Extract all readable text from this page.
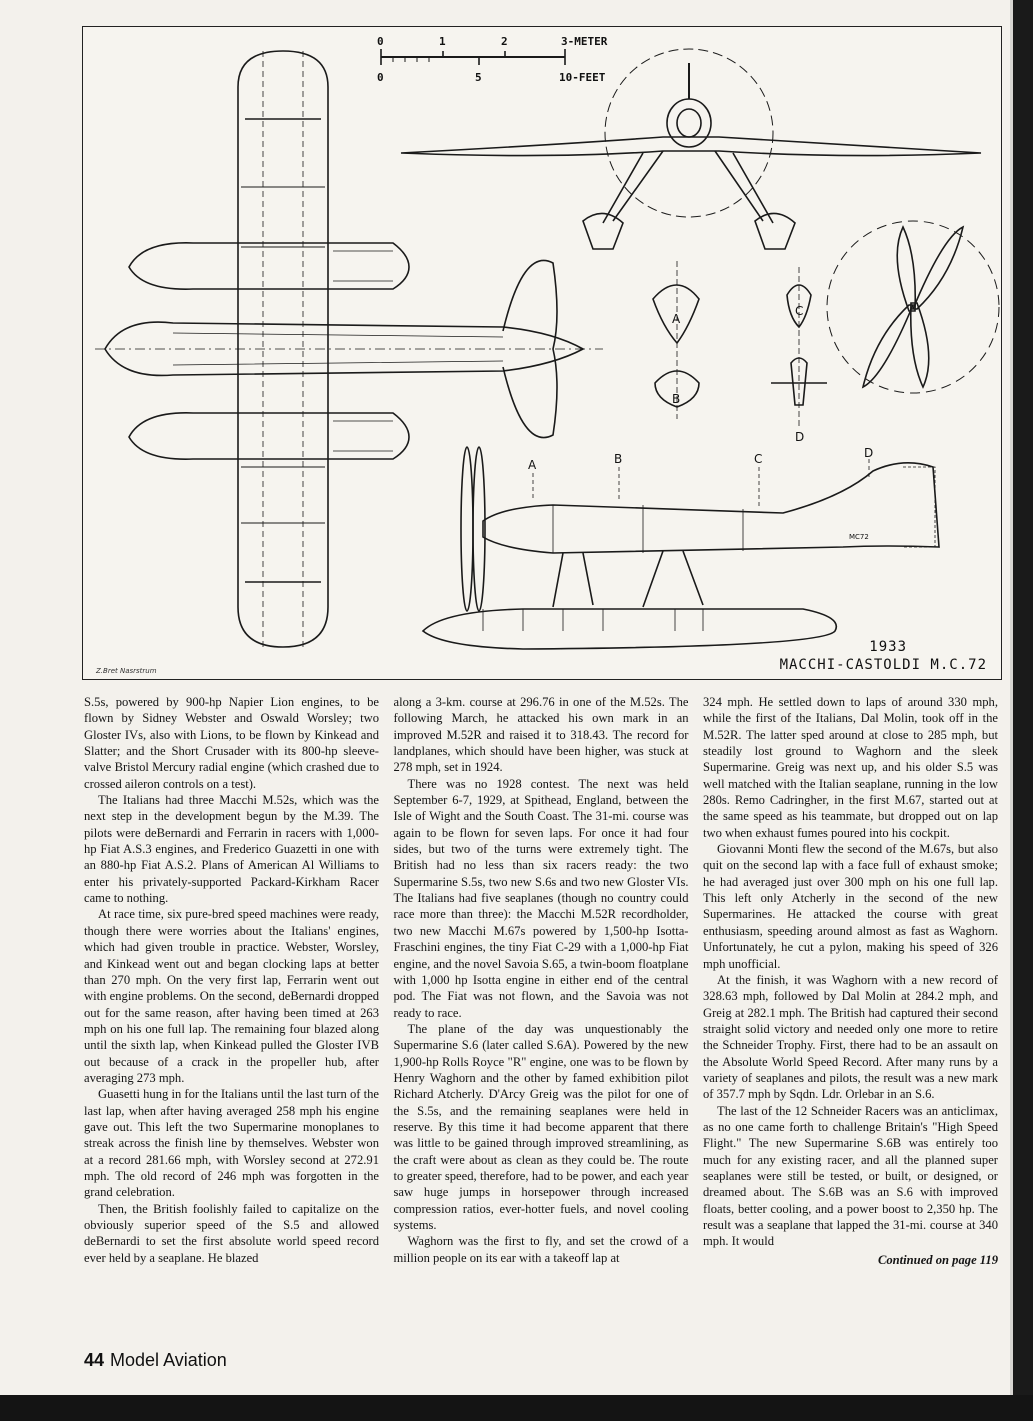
0	1	2	3-METER
0	5	10-FEET
A
B
C
D
A	B	C	D
MC72
1933
MACCHI-CASTOLDI M.C.72
Z.Bret Nasrstrum

S.5s, powered by 900-hp Napier Lion engines, to be flown by Sidney Webster and Oswald Worsley; two Gloster IVs, also with Lions, to be flown by Kinkead and Slatter; and the Short Crusader with its 800-hp sleeve-valve Bristol Mercury radial engine (which crashed due to crossed aileron controls on a test).

The Italians had three Macchi M.52s, which was the next step in the development begun by the M.39. The pilots were deBernardi and Ferrarin in racers with 1,000-hp Fiat A.S.3 engines, and Frederico Guazetti in one with an 880-hp Fiat A.S.2. Plans of American Al Williams to enter his privately-supported Packard-Kirkham Racer came to nothing.

At race time, six pure-bred speed machines were ready, though there were worries about the Italians' engines, which had given trouble in practice. Webster, Worsley, and Kinkead went out and began clocking laps at better than 270 mph. On the very first lap, Ferrarin went out with engine problems. On the second, deBernardi dropped out for the same reason, after having been timed at 263 mph on his one full lap. The remaining four blazed along until the sixth lap, when Kinkead pulled the Gloster IVB out because of a crack in the propeller hub, after averaging 273 mph.

Guasetti hung in for the Italians until the last turn of the last lap, when after having averaged 258 mph his engine gave out. This left the two Supermarine monoplanes to streak across the finish line by themselves. Webster won at a record 281.66 mph, with Worsley second at 272.91 mph. The old record of 246 mph was forgotten in the grand celebration.

Then, the British foolishly failed to capitalize on the obviously superior speed of the S.5 and allowed deBernardi to set the first absolute world speed record ever held by a seaplane. He blazed

along a 3-km. course at 296.76 in one of the M.52s. The following March, he attacked his own mark in an improved M.52R and raised it to 318.43. The record for landplanes, which should have been higher, was stuck at 278 mph, set in 1924.

There was no 1928 contest. The next was held September 6-7, 1929, at Spithead, England, between the Isle of Wight and the South Coast. The 31-mi. course was again to be flown for seven laps. For once it had four sides, but two of the turns were extremely tight. The British had no less than six racers ready: the two Supermarine S.5s, two new S.6s and two new Gloster VIs. The Italians had five seaplanes (though no country could race more than three): the Macchi M.52R recordholder, two new Macchi M.67s powered by 1,500-hp Isotta-Fraschini engines, the tiny Fiat C-29 with a 1,000-hp Fiat engine, and the novel Savoia S.65, a twin-boom floatplane with 1,000 hp Isotta engine in either end of the central pod. The Fiat was not flown, and the Savoia was not ready to race.

The plane of the day was unquestionably the Supermarine S.6 (later called S.6A). Powered by the new 1,900-hp Rolls Royce "R" engine, one was to be flown by Henry Waghorn and the other by famed exhibition pilot Richard Atcherly. D'Arcy Greig was the pilot for one of the S.5s, and the remaining seaplanes were held in reserve. By this time it had become apparent that there was little to be gained through improved streamlining, as the craft were about as clean as they could be. The route to greater speed, therefore, had to be power, and each year saw huge jumps in horsepower through increased compression ratios, ever-hotter fuels, and novel cooling systems.

Waghorn was the first to fly, and set the crowd of a million people on its ear with a takeoff lap at

324 mph. He settled down to laps of around 330 mph, while the first of the Italians, Dal Molin, took off in the M.52R. The latter sped around at close to 285 mph, but steadily lost ground to Waghorn and the sleek Supermarine. Greig was next up, and his older S.5 was well matched with the Italian seaplane, running in the low 280s. Remo Cadringher, in the first M.67, started out at the same speed as his teammate, but dropped out on lap two when exhaust fumes poured into his cockpit.

Giovanni Monti flew the second of the M.67s, but also quit on the second lap with a face full of exhaust smoke; he had averaged just over 300 mph on his one full lap. This left only Atcherly in the second of the new Supermarines. He attacked the course with great enthusiasm, speeding around almost as fast as Waghorn. Unfortunately, he cut a pylon, making his speed of 326 mph unofficial.

At the finish, it was Waghorn with a new record of 328.63 mph, followed by Dal Molin at 284.2 mph, and Greig at 282.1 mph. The British had captured their second straight solid victory and needed only one more to retire the Schneider Trophy. First, there had to be an assault on the Absolute World Speed Record. After many runs by a variety of seaplanes and pilots, the result was a new mark of 357.7 mph by Sqdn. Ldr. Orlebar in an S.6.

The last of the 12 Schneider Racers was an anticlimax, as no one came forth to challenge Britain's "High Speed Flight." The new Supermarine S.6B was entirely too much for any existing racer, and all the planned super seaplanes were still be tested, or built, or designed, or dreamed about. The S.6B was an S.6 with improved floats, better cooling, and a power boost to 2,350 hp. The result was a seaplane that lapped the 31-mi. course at 340 mph. It would

Continued on page 119
44 Model Aviation
